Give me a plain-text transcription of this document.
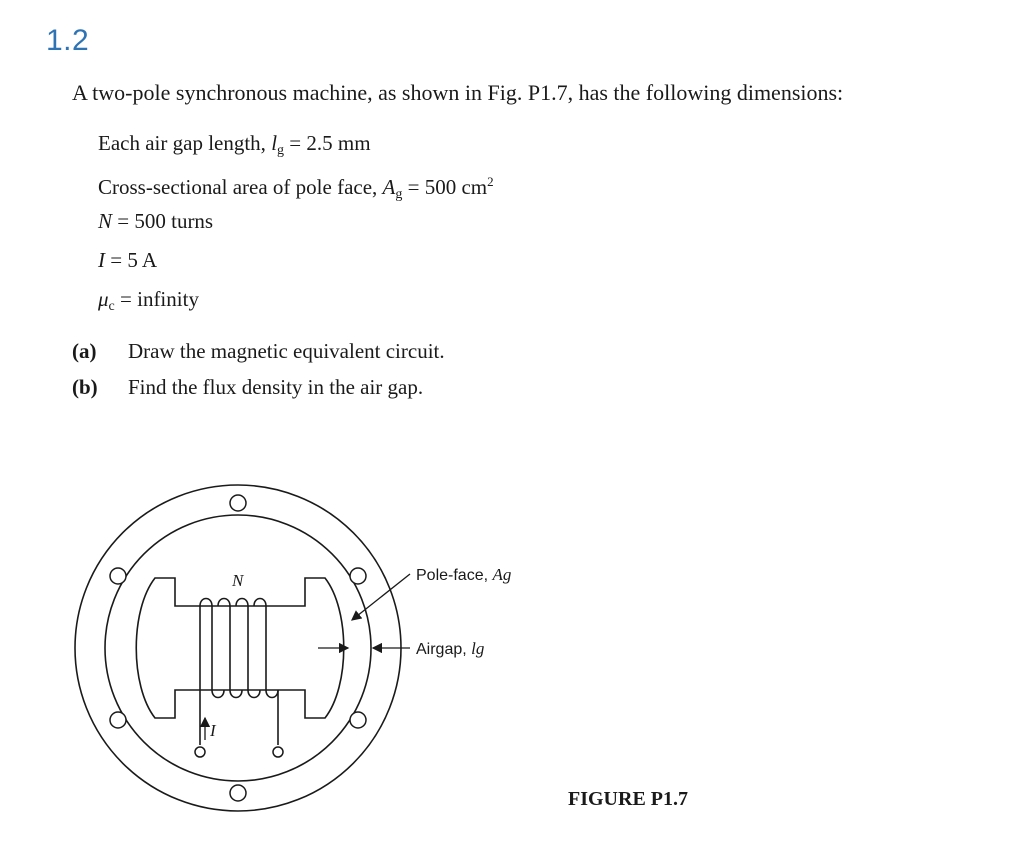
1.2
A two-pole synchronous machine, as shown in Fig. P1.7, has the following dimensions:
Each air gap length, $l_g = 2.5$ mm
Cross-sectional area of pole face, $A_g = 500$ $cm^2$
N = 500 turns
I = 5 A
$\mu_c$ = infinity
(a) Draw the magnetic equivalent circuit.
(b) Find the flux density in the air gap.
I
N	Pole-face, Ag
Airgap, lg
FIGURE P1.7
